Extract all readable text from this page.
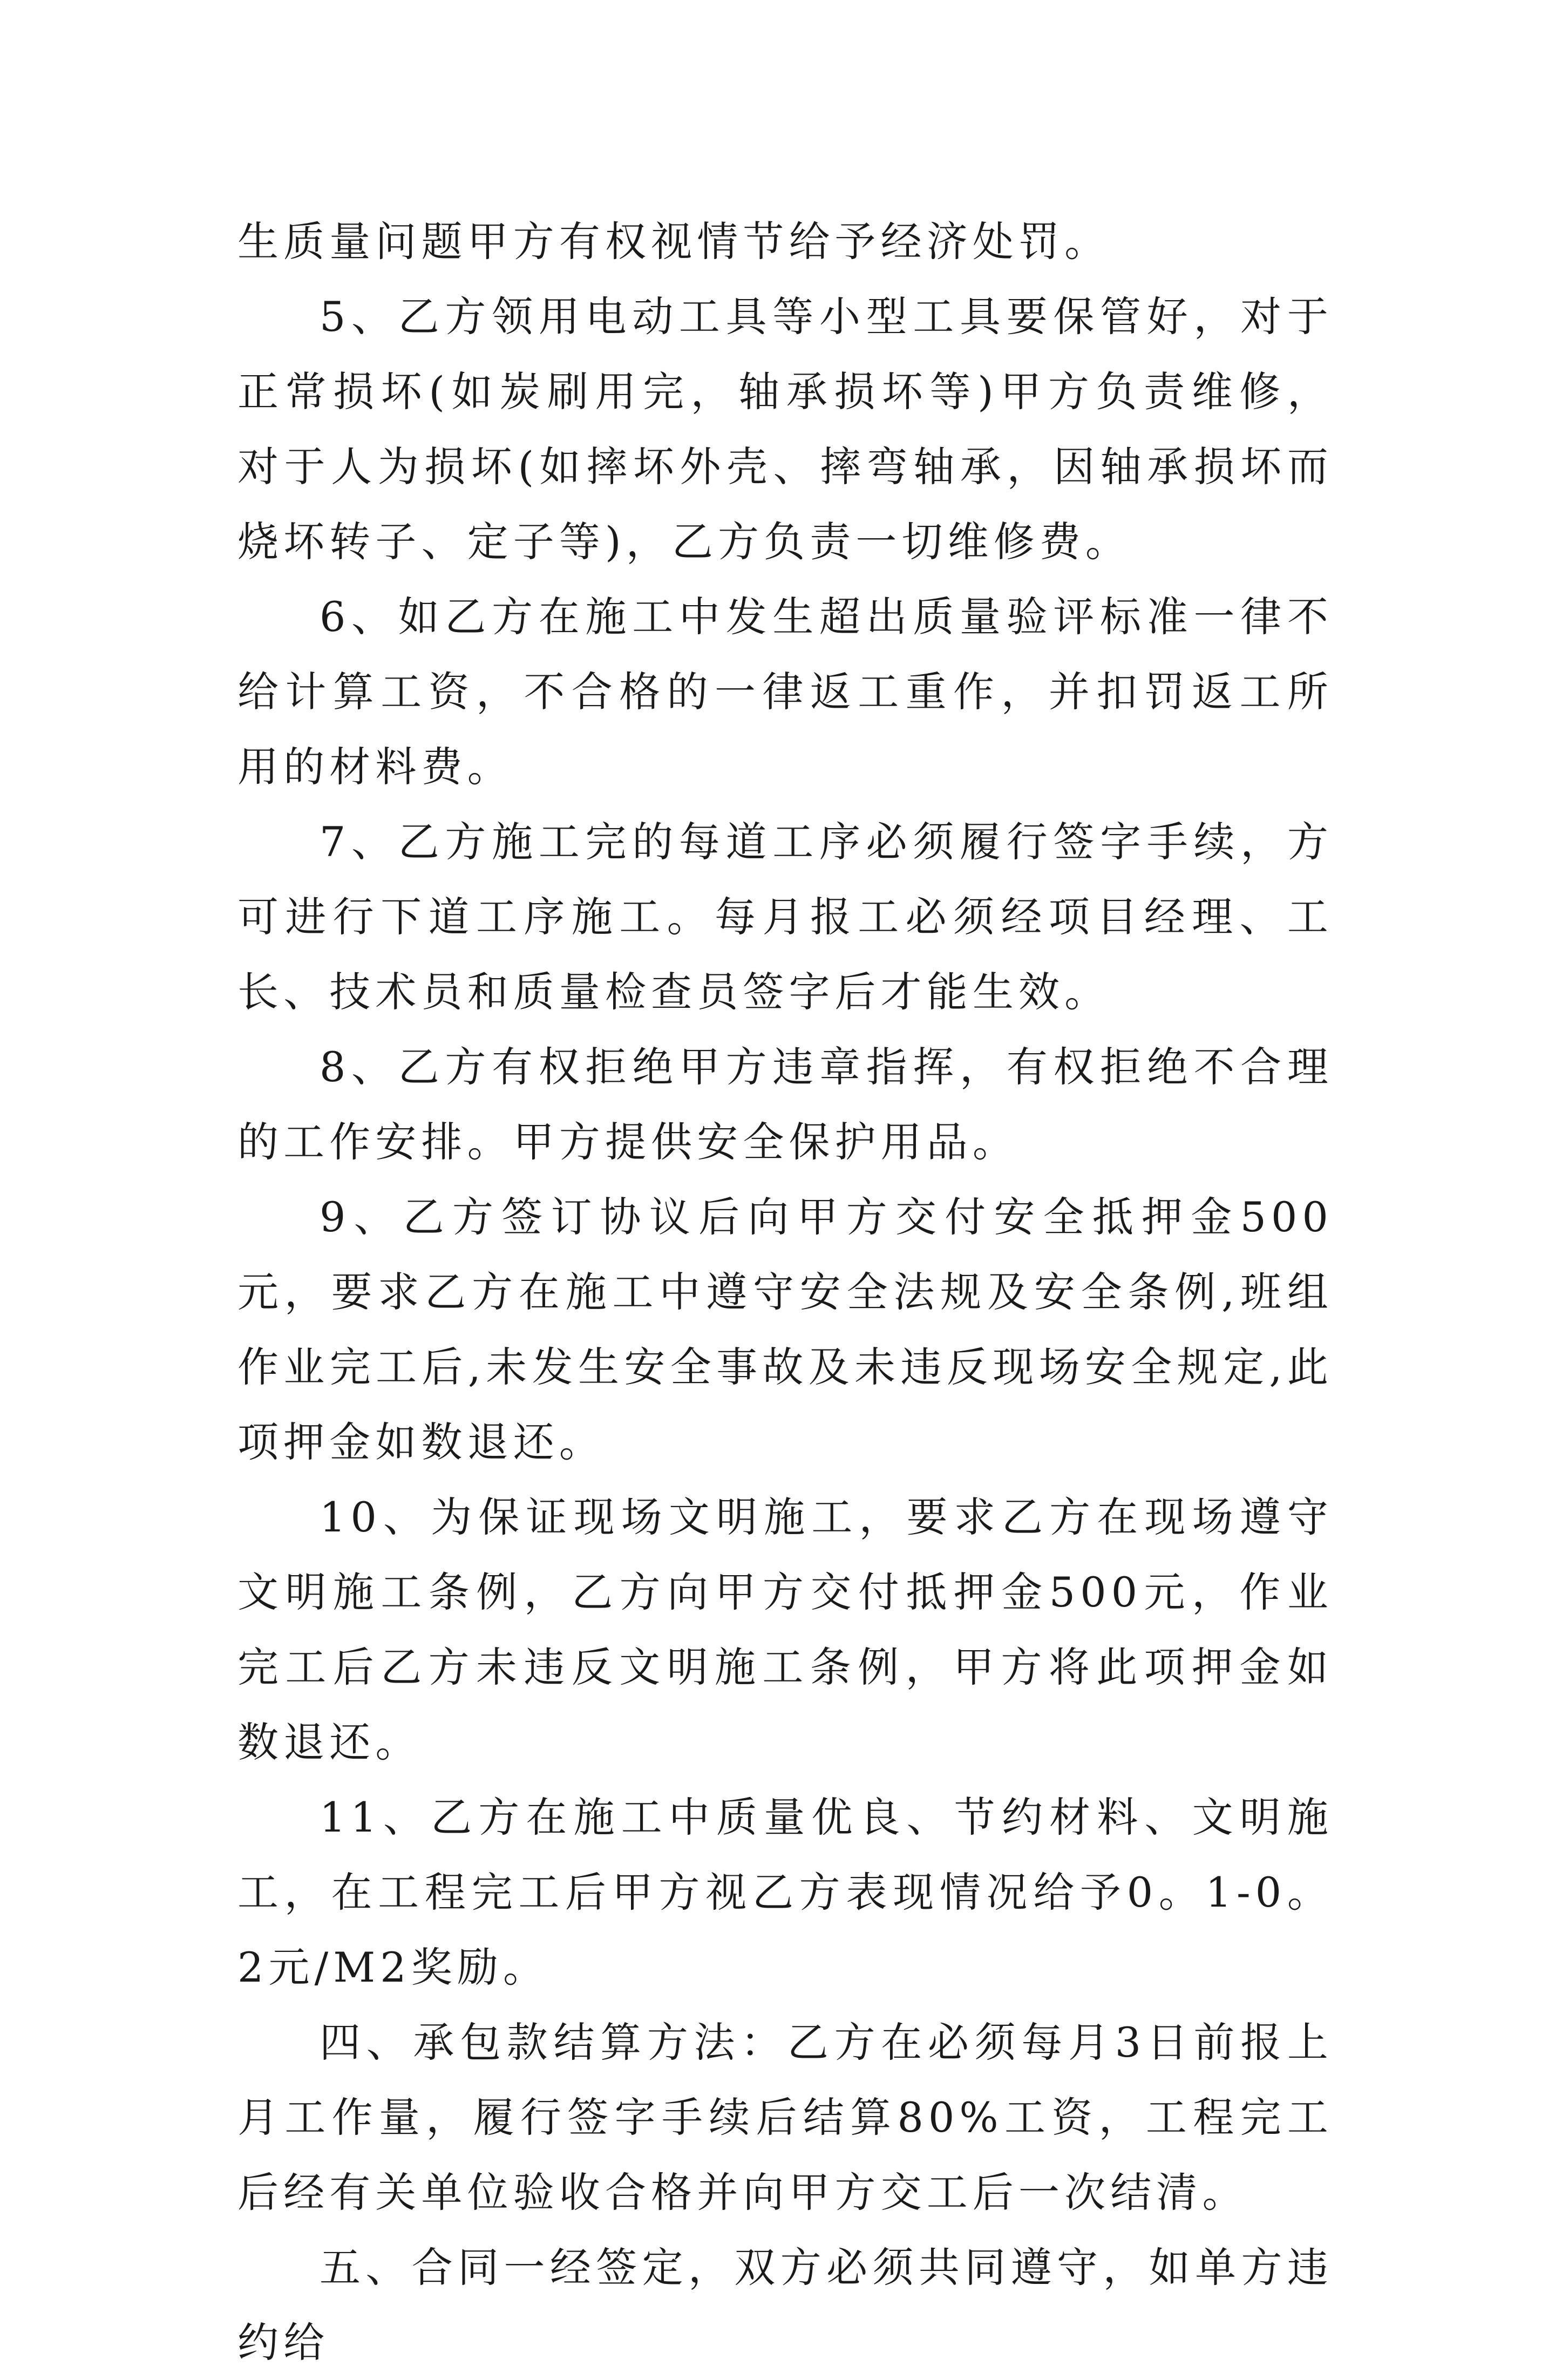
生质量问题甲方有权视情节给予经济处罚。

5、乙方领用电动工具等小型工具要保管好，对于正常损坏(如炭刷用完，轴承损坏等)甲方负责维修，对于人为损坏(如摔坏外壳、摔弯轴承，因轴承损坏而烧坏转子、定子等)，乙方负责一切维修费。

6、如乙方在施工中发生超出质量验评标准一律不给计算工资，不合格的一律返工重作，并扣罚返工所用的材料费。

7、乙方施工完的每道工序必须履行签字手续，方可进行下道工序施工。每月报工必须经项目经理、工长、技术员和质量检查员签字后才能生效。

8、乙方有权拒绝甲方违章指挥，有权拒绝不合理的工作安排。甲方提供安全保护用品。

9、乙方签订协议后向甲方交付安全抵押金500元，要求乙方在施工中遵守安全法规及安全条例,班组作业完工后,未发生安全事故及未违反现场安全规定,此项押金如数退还。

10、为保证现场文明施工，要求乙方在现场遵守文明施工条例，乙方向甲方交付抵押金500元，作业完工后乙方未违反文明施工条例，甲方将此项押金如数退还。

11、乙方在施工中质量优良、节约材料、文明施工，在工程完工后甲方视乙方表现情况给予0。1-0。2元/M2奖励。

四、承包款结算方法：乙方在必须每月3日前报上月工作量，履行签字手续后结算80%工资，工程完工后经有关单位验收合格并向甲方交工后一次结清。

五、合同一经签定，双方必须共同遵守，如单方违约给
